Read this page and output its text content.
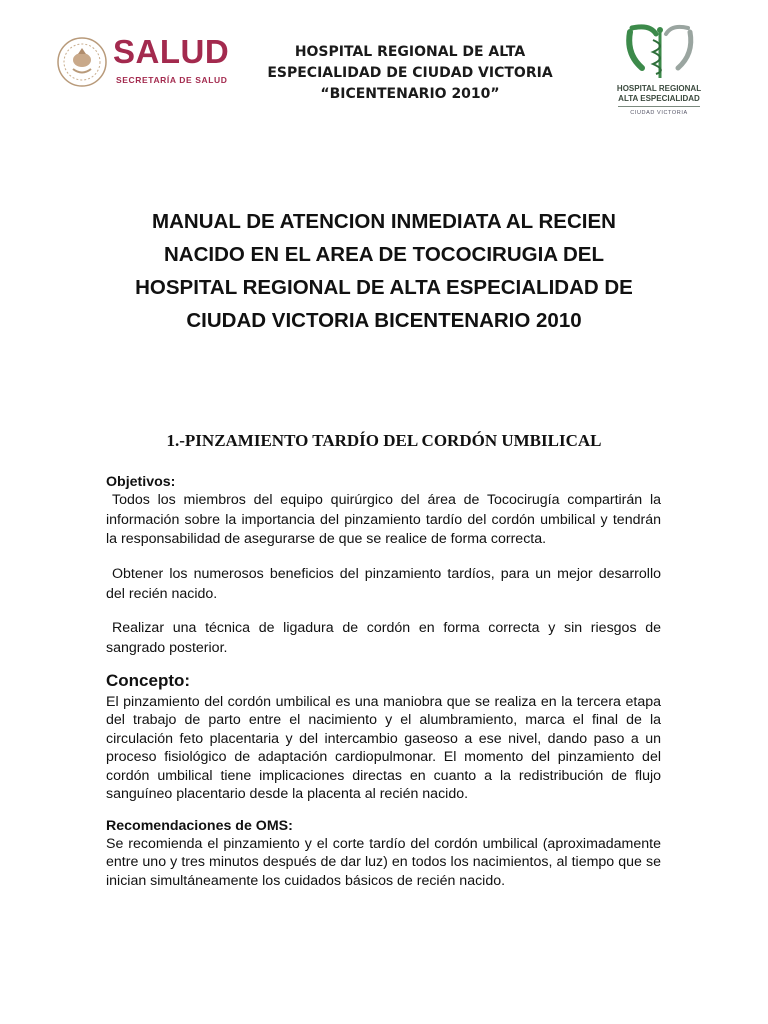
SALUD
SECRETARÍA DE SALUD
HOSPITAL REGIONAL DE ALTA
ESPECIALIDAD DE CIUDAD VICTORIA
“BICENTENARIO 2010”	HOSPITAL REGIONAL
ALTA ESPECIALIDAD
CIUDAD VICTORIA
MANUAL DE ATENCION INMEDIATA AL RECIEN
NACIDO EN EL AREA DE TOCOCIRUGIA DEL
HOSPITAL REGIONAL DE ALTA ESPECIALIDAD DE
CIUDAD VICTORIA BICENTENARIO 2010
1.-PINZAMIENTO TARDÍO DEL CORDÓN UMBILICAL
Objetivos:
Todos los miembros del equipo quirúrgico del área de Tococirugía compartirán la información sobre la importancia del pinzamiento tardío del cordón umbilical y tendrán la responsabilidad de asegurarse de que se realice de forma correcta.
Obtener los numerosos beneficios del pinzamiento tardíos, para un mejor desarrollo del recién nacido.
Realizar una técnica de ligadura de cordón en forma correcta y sin riesgos de sangrado posterior.
Concepto:
El pinzamiento del cordón umbilical es una maniobra que se realiza en la tercera etapa del trabajo de parto entre el nacimiento y el alumbramiento, marca el final de la circulación feto placentaria y del intercambio gaseoso a ese nivel, dando paso a un proceso fisiológico de adaptación cardiopulmonar. El momento del pinzamiento del cordón umbilical tiene implicaciones directas en cuanto a la redistribución de flujo sanguíneo placentario desde la placenta al recién nacido.
Recomendaciones de OMS:
Se recomienda el pinzamiento y el corte tardío del cordón umbilical (aproximadamente entre uno y tres minutos después de dar luz) en todos los nacimientos, al tiempo que se inician simultáneamente los cuidados básicos de recién nacido.
